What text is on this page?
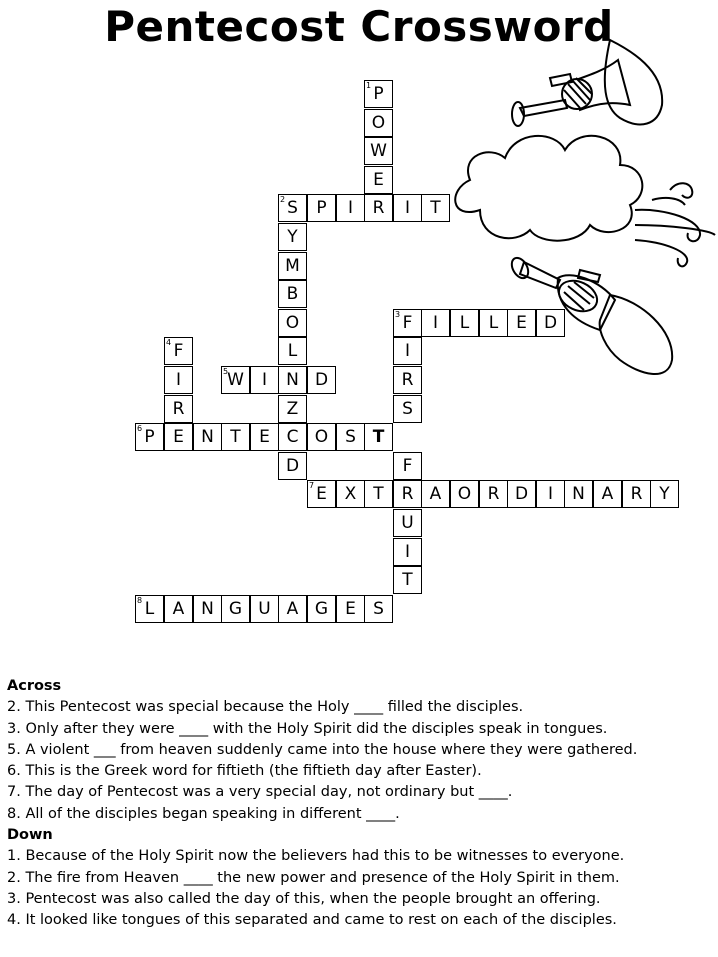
Pentecost Crossword
1 P
O
W
E
2 S P I R I T
Y
M
B
O	3 F I L L E D
4 F	L	I
I	5 W I N D	R
R	Z	S
6 P E N T E C O S T
D	F
7 E X T R A O R D I N A R Y
U
I
T
8 L A N G U A G E S
Across
2. This Pentecost was special because the Holy ____ filled the disciples.
3. Only after they were ____ with the Holy Spirit did the disciples speak in tongues.
5. A violent ___ from heaven suddenly came into the house where they were gathered.
6. This is the Greek word for fiftieth (the fiftieth day after Easter).
7. The day of Pentecost was a very special day, not ordinary but ____.
8. All of the disciples began speaking in different ____.
Down
1. Because of the Holy Spirit now the believers had this to be witnesses to everyone.
2. The fire from Heaven ____ the new power and presence of the Holy Spirit in them.
3. Pentecost was also called the day of this, when the people brought an offering.
4. It looked like tongues of this separated and came to rest on each of the disciples.
